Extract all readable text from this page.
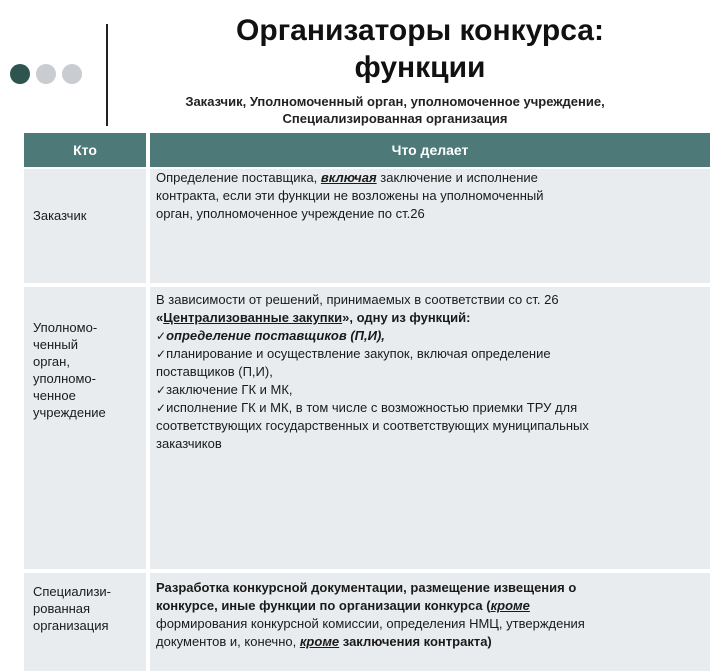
Организаторы конкурса:
функции
Заказчик, Уполномоченный орган, уполномоченное учреждение,
Специализированная организация
Кто	Что делает
Заказчик
Определение поставщика, включая заключение и исполнение
контракта, если эти функции не возложены на уполномоченный
орган, уполномоченное учреждение по ст.26
Уполномо-
ченный
орган,
уполномо-
ченное
учреждение
В зависимости от решений, принимаемых в соответствии со ст. 26
«Централизованные закупки», одну из функций:
✓определение поставщиков (П,И),
✓планирование и осуществление закупок, включая определение
поставщиков (П,И),
✓заключение ГК и МК,
✓исполнение ГК и МК, в том числе с возможностью приемки ТРУ для
соответствующих государственных и соответствующих муниципальных
заказчиков
Специализи-
рованная
организация
Разработка конкурсной документации, размещение извещения о
конкурсе, иные функции по организации конкурса (кроме
формирования конкурсной комиссии, определения НМЦ, утверждения
документов и, конечно, кроме заключения контракта)
